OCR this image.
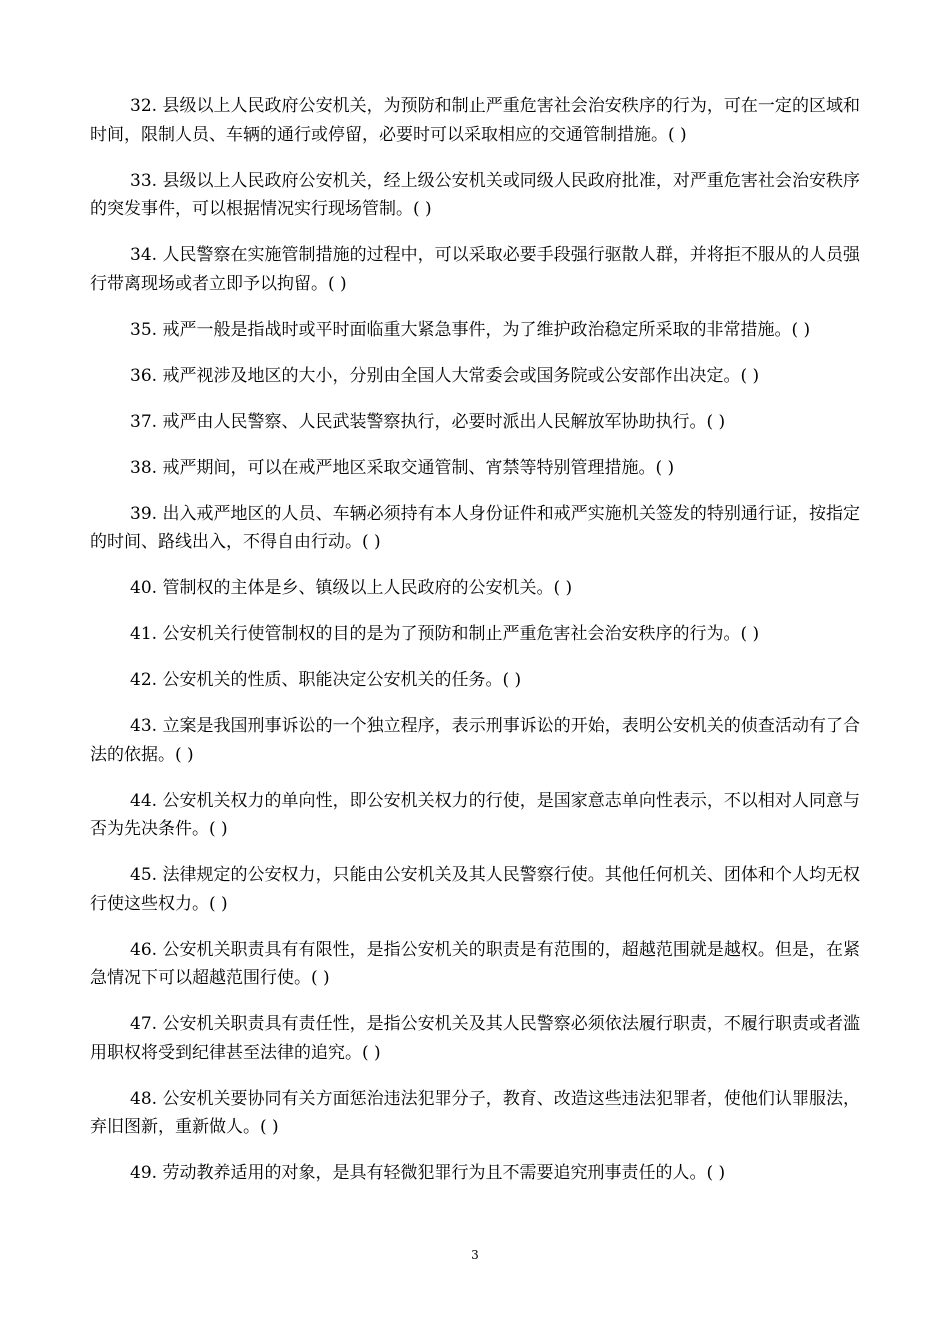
32. 县级以上人民政府公安机关，为预防和制止严重危害社会治安秩序的行为，可在一定的区域和时间，限制人员、车辆的通行或停留，必要时可以采取相应的交通管制措施。( )

33. 县级以上人民政府公安机关，经上级公安机关或同级人民政府批准，对严重危害社会治安秩序的突发事件，可以根据情况实行现场管制。( )

34. 人民警察在实施管制措施的过程中，可以采取必要手段强行驱散人群，并将拒不服从的人员强行带离现场或者立即予以拘留。( )

35. 戒严一般是指战时或平时面临重大紧急事件，为了维护政治稳定所采取的非常措施。( )

36. 戒严视涉及地区的大小，分别由全国人大常委会或国务院或公安部作出决定。( )

37. 戒严由人民警察、人民武装警察执行，必要时派出人民解放军协助执行。( )

38. 戒严期间，可以在戒严地区采取交通管制、宵禁等特别管理措施。( )

39. 出入戒严地区的人员、车辆必须持有本人身份证件和戒严实施机关签发的特别通行证，按指定的时间、路线出入，不得自由行动。( )

40. 管制权的主体是乡、镇级以上人民政府的公安机关。( )

41. 公安机关行使管制权的目的是为了预防和制止严重危害社会治安秩序的行为。( )

42. 公安机关的性质、职能决定公安机关的任务。( )

43. 立案是我国刑事诉讼的一个独立程序，表示刑事诉讼的开始，表明公安机关的侦查活动有了合法的依据。( )

44. 公安机关权力的单向性，即公安机关权力的行使，是国家意志单向性表示，不以相对人同意与否为先决条件。( )

45. 法律规定的公安权力，只能由公安机关及其人民警察行使。其他任何机关、团体和个人均无权行使这些权力。( )

46. 公安机关职责具有有限性，是指公安机关的职责是有范围的，超越范围就是越权。但是，在紧急情况下可以超越范围行使。( )

47. 公安机关职责具有责任性，是指公安机关及其人民警察必须依法履行职责，不履行职责或者滥用职权将受到纪律甚至法律的追究。( )

48. 公安机关要协同有关方面惩治违法犯罪分子，教育、改造这些违法犯罪者，使他们认罪服法，弃旧图新，重新做人。( )

49. 劳动教养适用的对象，是具有轻微犯罪行为且不需要追究刑事责任的人。( )

3
